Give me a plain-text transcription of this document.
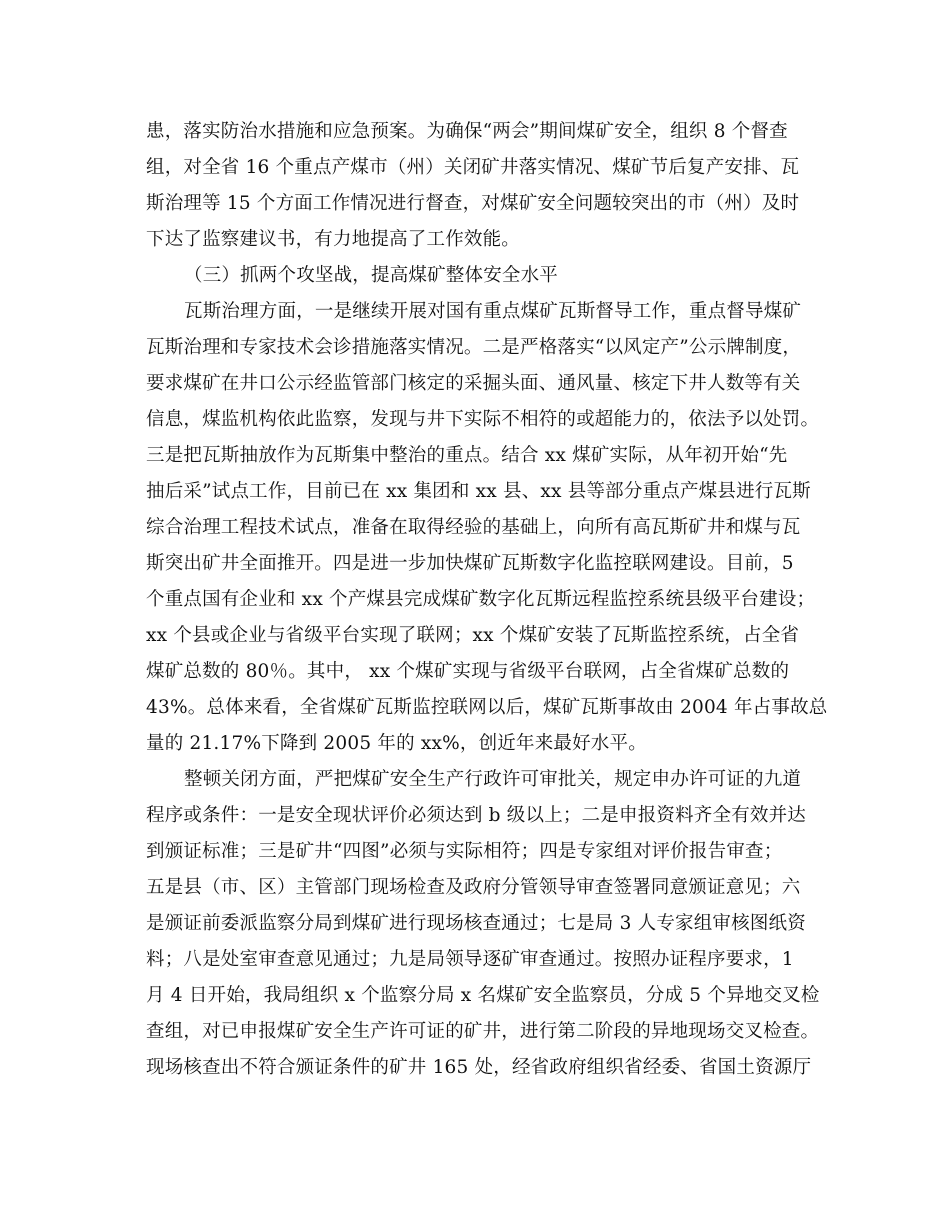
患，落实防治水措施和应急预案。为确保“两会”期间煤矿安全，组织 8 个督查
组，对全省 16 个重点产煤市（州）关闭矿井落实情况、煤矿节后复产安排、瓦
斯治理等 15 个方面工作情况进行督查，对煤矿安全问题较突出的市（州）及时
下达了监察建议书，有力地提高了工作效能。
（三）抓两个攻坚战，提高煤矿整体安全水平
瓦斯治理方面，一是继续开展对国有重点煤矿瓦斯督导工作，重点督导煤矿
瓦斯治理和专家技术会诊措施落实情况。二是严格落实“以风定产”公示牌制度，
要求煤矿在井口公示经监管部门核定的采掘头面、通风量、核定下井人数等有关
信息，煤监机构依此监察，发现与井下实际不相符的或超能力的，依法予以处罚。
三是把瓦斯抽放作为瓦斯集中整治的重点。结合 xx 煤矿实际，从年初开始“先
抽后采”试点工作，目前已在 xx 集团和 xx 县、xx 县等部分重点产煤县进行瓦斯
综合治理工程技术试点，准备在取得经验的基础上，向所有高瓦斯矿井和煤与瓦
斯突出矿井全面推开。四是进一步加快煤矿瓦斯数字化监控联网建设。目前，5
个重点国有企业和 xx 个产煤县完成煤矿数字化瓦斯远程监控系统县级平台建设；
xx 个县或企业与省级平台实现了联网；xx 个煤矿安装了瓦斯监控系统，占全省
煤矿总数的 80％。其中， xx 个煤矿实现与省级平台联网，占全省煤矿总数的
43%。总体来看，全省煤矿瓦斯监控联网以后，煤矿瓦斯事故由 2004 年占事故总
量的 21.17%下降到 2005 年的 xx%，创近年来最好水平。
整顿关闭方面，严把煤矿安全生产行政许可审批关，规定申办许可证的九道
程序或条件：一是安全现状评价必须达到 b 级以上；二是申报资料齐全有效并达
到颁证标准；三是矿井“四图”必须与实际相符；四是专家组对评价报告审查；
五是县（市、区）主管部门现场检查及政府分管领导审查签署同意颁证意见；六
是颁证前委派监察分局到煤矿进行现场核查通过；七是局 3 人专家组审核图纸资
料；八是处室审查意见通过；九是局领导逐矿审查通过。按照办证程序要求，1
月 4 日开始，我局组织 x 个监察分局 x 名煤矿安全监察员，分成 5 个异地交叉检
查组，对已申报煤矿安全生产许可证的矿井，进行第二阶段的异地现场交叉检查。
现场核查出不符合颁证条件的矿井 165 处，经省政府组织省经委、省国土资源厅
